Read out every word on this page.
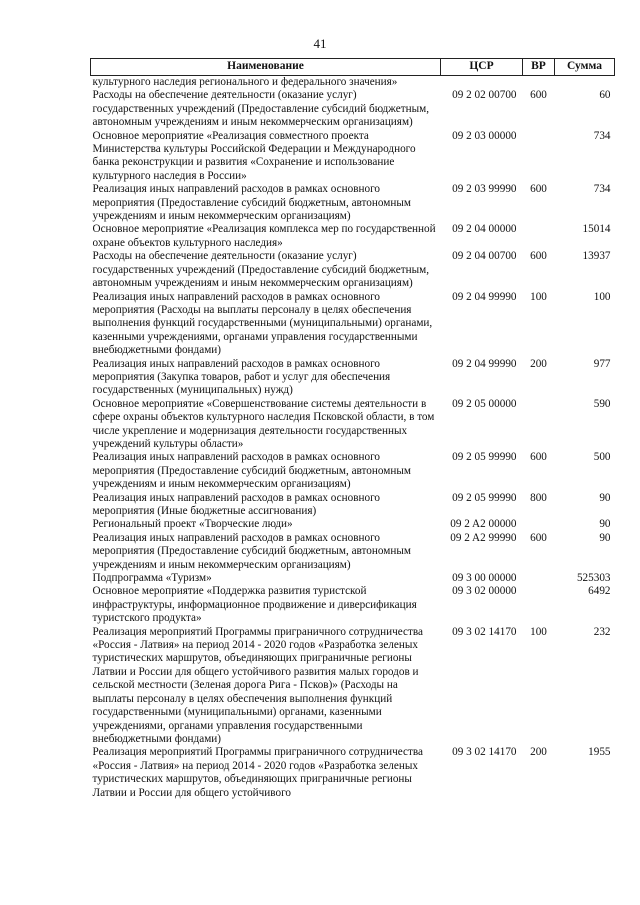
41
Наименование	ЦСР	ВР	Сумма
культурного наследия регионального и федерального значения»			
Расходы на обеспечение деятельности (оказание услуг) государственных учреждений (Предоставление субсидий бюджетным, автономным учреждениям и иным некоммерческим организациям)	09 2 02 00700	600	60
Основное мероприятие «Реализация совместного проекта Министерства культуры Российской Федерации и Международного банка реконструкции и развития «Сохранение и использование культурного наследия в России»	09 2 03 00000		734
Реализация иных направлений расходов в рамках основного мероприятия (Предоставление субсидий бюджетным, автономным учреждениям и иным некоммерческим организациям)	09 2 03 99990	600	734
Основное мероприятие «Реализация комплекса мер по государственной охране объектов культурного наследия»	09 2 04 00000		15014
Расходы на обеспечение деятельности (оказание услуг) государственных учреждений (Предоставление субсидий бюджетным, автономным учреждениям и иным некоммерческим организациям)	09 2 04 00700	600	13937
Реализация иных направлений расходов в рамках основного мероприятия (Расходы на выплаты персоналу в целях обеспечения выполнения функций государственными (муниципальными) органами, казенными учреждениями, органами управления государственными внебюджетными фондами)	09 2 04 99990	100	100
Реализация иных направлений расходов в рамках основного мероприятия (Закупка товаров, работ и услуг для обеспечения государственных (муниципальных) нужд)	09 2 04 99990	200	977
Основное мероприятие «Совершенствование системы деятельности в сфере охраны объектов культурного наследия Псковской области, в том числе укрепление и модернизация деятельности государственных учреждений культуры области»	09 2 05 00000		590
Реализация иных направлений расходов в рамках основного мероприятия (Предоставление субсидий бюджетным, автономным учреждениям и иным некоммерческим организациям)	09 2 05 99990	600	500
Реализация иных направлений расходов в рамках основного мероприятия (Иные бюджетные ассигнования)	09 2 05 99990	800	90
Региональный проект «Творческие люди»	09 2 A2 00000		90
Реализация иных направлений расходов в рамках основного мероприятия (Предоставление субсидий бюджетным, автономным учреждениям и иным некоммерческим организациям)	09 2 A2 99990	600	90
Подпрограмма «Туризм»	09 3 00 00000		525303
Основное мероприятие «Поддержка развития туристской инфраструктуры, информационное продвижение и диверсификация туристского продукта»	09 3 02 00000		6492
Реализация мероприятий Программы приграничного сотрудничества «Россия - Латвия» на период 2014 - 2020 годов «Разработка зеленых туристических маршрутов, объединяющих приграничные регионы Латвии и России для общего устойчивого развития малых городов и сельской местности (Зеленая дорога Рига - Псков)» (Расходы на выплаты персоналу в целях обеспечения выполнения функций государственными (муниципальными) органами, казенными учреждениями, органами управления государственными внебюджетными фондами)	09 3 02 14170	100	232
Реализация мероприятий Программы приграничного сотрудничества «Россия - Латвия» на период 2014 - 2020 годов «Разработка зеленых туристических маршрутов, объединяющих приграничные регионы Латвии и России для общего устойчивого	09 3 02 14170	200	1955
